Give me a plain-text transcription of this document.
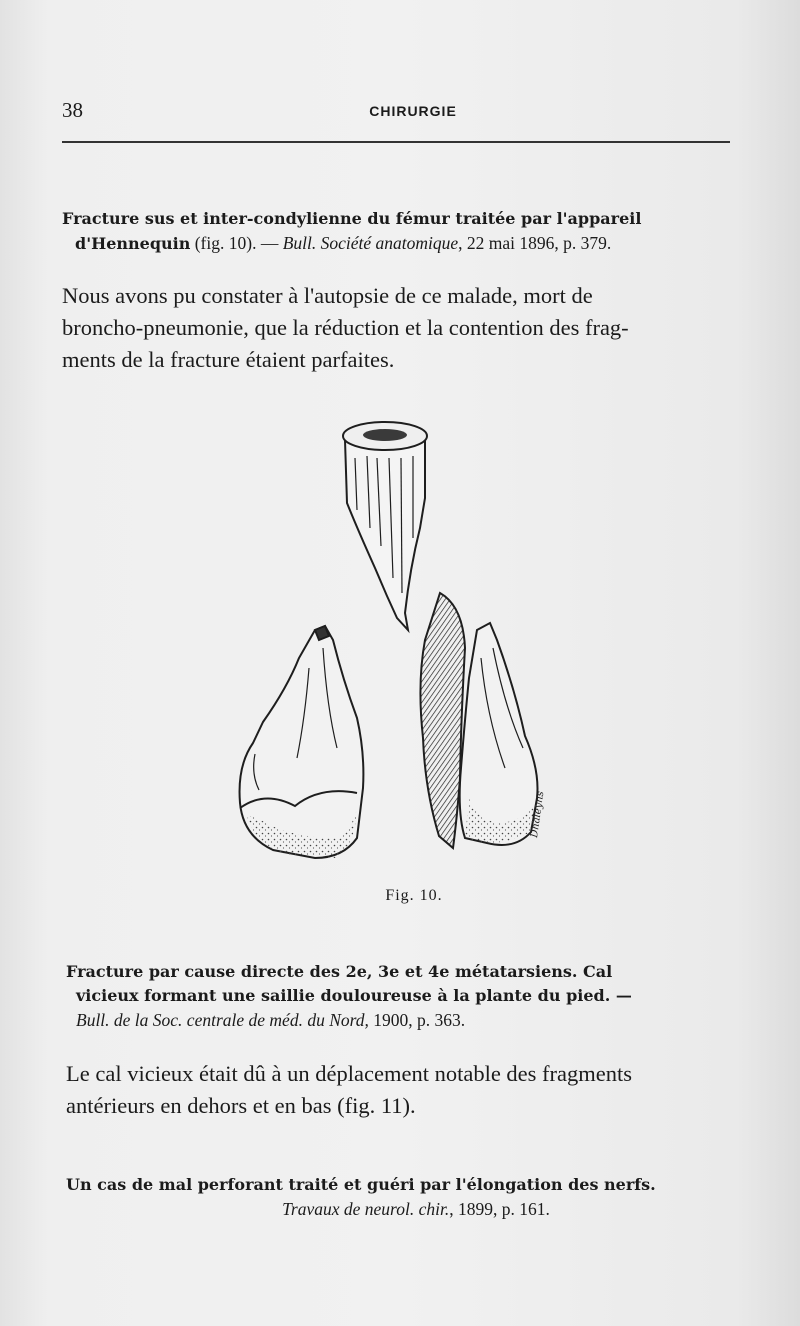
38	CHIRURGIE
Fracture sus et inter-condylienne du fémur traitée par l'appareil
d'Hennequin (fig. 10). — Bull. Société anatomique, 22 mai 1896, p. 379.
Nous avons pu constater à l'autopsie de ce malade, mort de
broncho-pneumonie, que la réduction et la contention des frag-
ments de la fracture étaient parfaites.
Dhaleyns
Fig. 10.
Fracture par cause directe des 2e, 3e et 4e métatarsiens. Cal
vicieux formant une saillie douloureuse à la plante du pied. —
Bull. de la Soc. centrale de méd. du Nord, 1900, p. 363.
Le cal vicieux était dû à un déplacement notable des fragments
antérieurs en dehors et en bas (fig. 11).
Un cas de mal perforant traité et guéri par l'élongation des nerfs.
Travaux de neurol. chir., 1899, p. 161.
